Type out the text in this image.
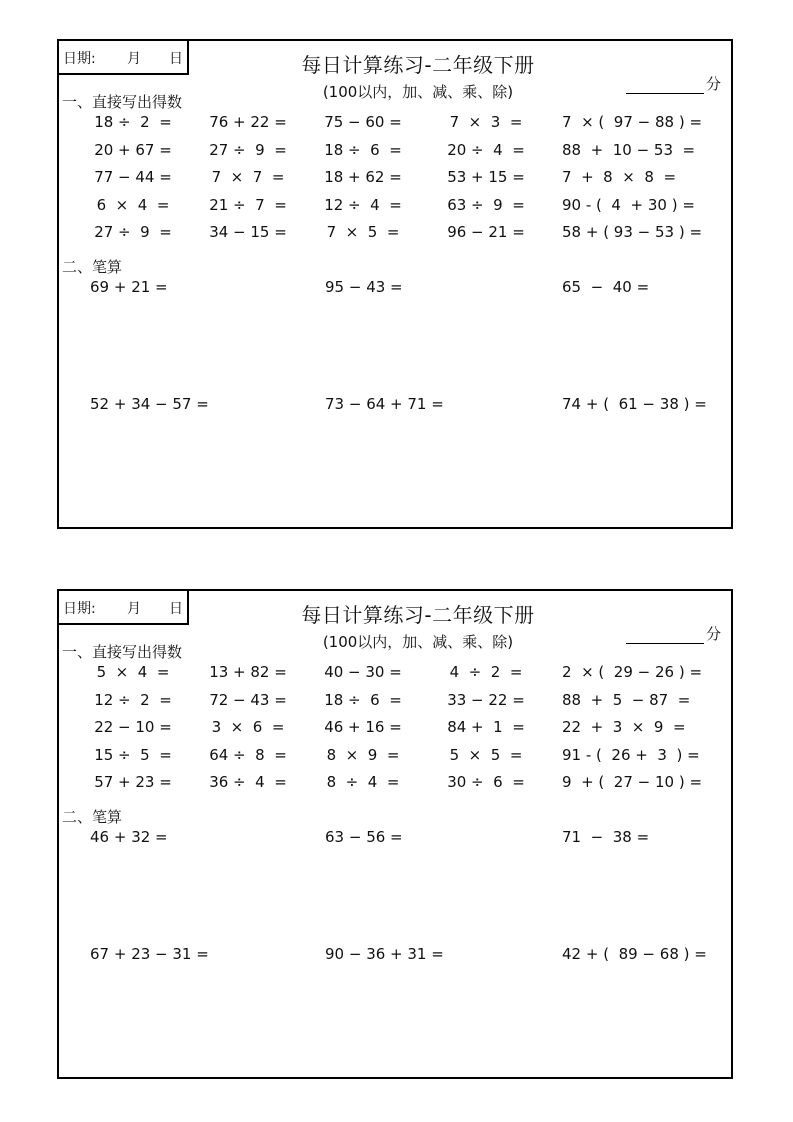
日期: 月 日	每日计算练习-二年级下册
(100以内，加、减、乘、除)	分
一、直接写出得数
18 ÷  2  = 76 + 22 = 75 − 60 =	7  ×  3  =	7  × (  97 − 88 ) =
20 + 67 = 27 ÷  9  = 18 ÷  6  =	20 ÷  4  = 88  +  10 − 53  =
77 − 44 =	7  ×  7  =	18 + 62 =	53 + 15 = 7  +  8  ×  8  =
6  ×  4  =	21 ÷  7  = 12 ÷  4  =	63 ÷  9  = 90 - (  4  + 30 ) =
27 ÷  9  = 34 − 15 =	7  ×  5  =	96 − 21 = 58 + ( 93 − 53 ) =
二、笔算
69 + 21 =	95 − 43 =	65  −  40 =
52 + 34 − 57 =	73 − 64 + 71 =	74 + (  61 − 38 ) =
日期: 月 日	每日计算练习-二年级下册
(100以内，加、减、乘、除)	分
一、直接写出得数
5  ×  4  =	13 + 82 = 40 − 30 =	4  ÷  2  =	2  × (  29 − 26 ) =
12 ÷  2  = 72 − 43 = 18 ÷  6  =	33 − 22 = 88  +  5  − 87  =
22 − 10 =	3  ×  6  =	46 + 16 =	84 +  1  = 22  +  3  ×  9  =
15 ÷  5  = 64 ÷  8  =	8  ×  9  =	5  ×  5  =	91 - (  26 +  3  ) =
57 + 23 = 36 ÷  4  =	8  ÷  4  =	30 ÷  6  = 9  + (  27 − 10 ) =
二、笔算
46 + 32 =	63 − 56 =	71  −  38 =
67 + 23 − 31 =	90 − 36 + 31 =	42 + (  89 − 68 ) =
